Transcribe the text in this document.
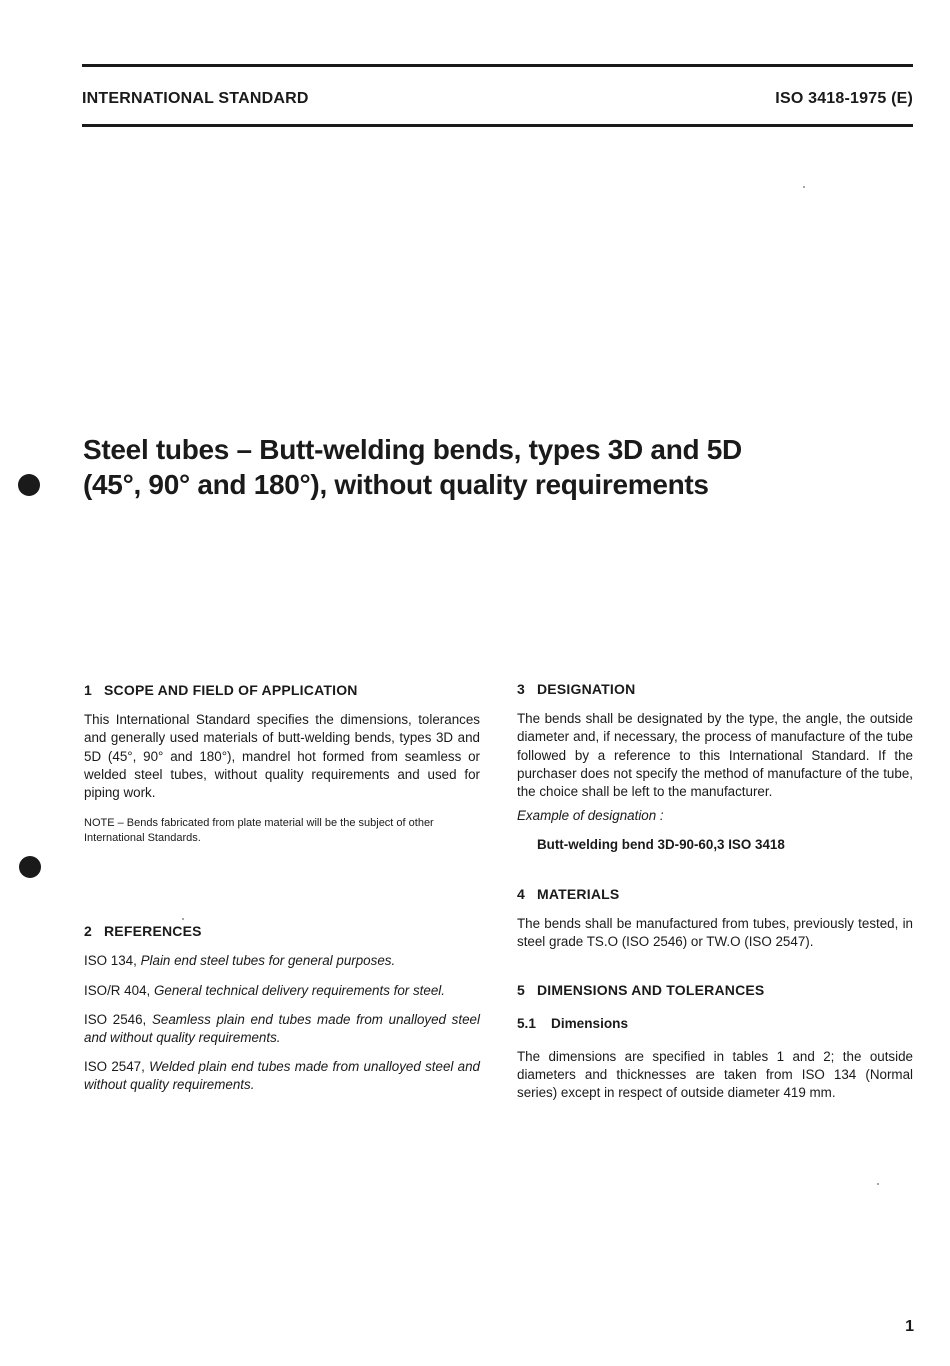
INTERNATIONAL STANDARD	ISO 3418-1975 (E)
Steel tubes – Butt-welding bends, types 3D and 5D
(45°, 90° and 180°), without quality requirements
1 SCOPE AND FIELD OF APPLICATION

This International Standard specifies the dimensions, tolerances and generally used materials of butt-welding bends, types 3D and 5D (45°, 90° and 180°), mandrel hot formed from seamless or welded steel tubes, without quality requirements and used for piping work.

NOTE – Bends fabricated from plate material will be the subject of other International Standards.

2 REFERENCES

ISO 134, Plain end steel tubes for general purposes.

ISO/R 404, General technical delivery requirements for steel.

ISO 2546, Seamless plain end tubes made from unalloyed steel and without quality requirements.

ISO 2547, Welded plain end tubes made from unalloyed steel and without quality requirements.

3 DESIGNATION

The bends shall be designated by the type, the angle, the outside diameter and, if necessary, the process of manufacture of the tube followed by a reference to this International Standard. If the purchaser does not specify the method of manufacture of the tube, the choice shall be left to the manufacturer.

Example of designation :

Butt-welding bend 3D-90-60,3 ISO 3418

4 MATERIALS

The bends shall be manufactured from tubes, previously tested, in steel grade TS.O (ISO 2546) or TW.O (ISO 2547).

5 DIMENSIONS AND TOLERANCES
5.1 Dimensions

The dimensions are specified in tables 1 and 2; the outside diameters and thicknesses are taken from ISO 134 (Normal series) except in respect of outside diameter 419 mm.

1
